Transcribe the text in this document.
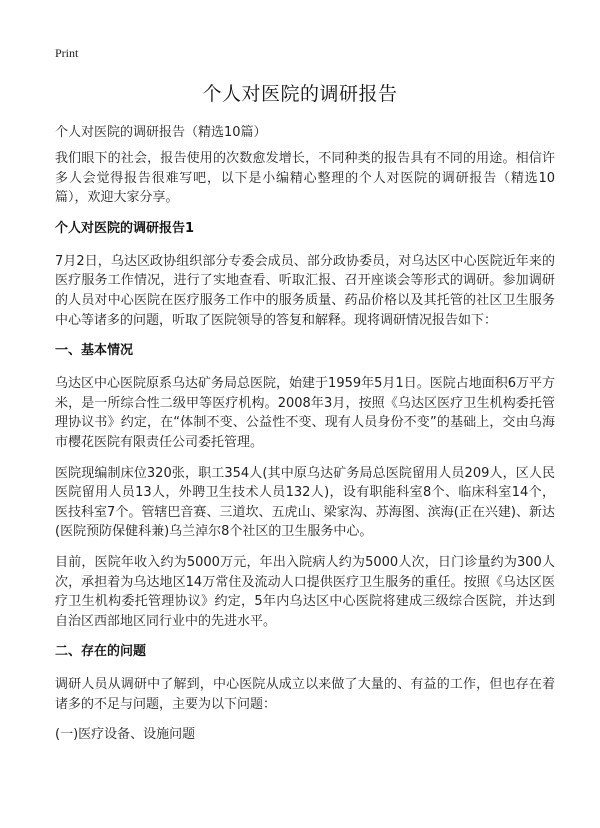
Print
个人对医院的调研报告
个人对医院的调研报告（精选10篇）

我们眼下的社会，报告使用的次数愈发增长，不同种类的报告具有不同的用途。相信许多人会觉得报告很难写吧，以下是小编精心整理的个人对医院的调研报告（精选10篇），欢迎大家分享。

个人对医院的调研报告1

7月2日，乌达区政协组织部分专委会成员、部分政协委员，对乌达区中心医院近年来的医疗服务工作情况，进行了实地查看、听取汇报、召开座谈会等形式的调研。参加调研的人员对中心医院在医疗服务工作中的服务质量、药品价格以及其托管的社区卫生服务中心等诸多的问题，听取了医院领导的答复和解释。现将调研情况报告如下：

一、基本情况

乌达区中心医院原系乌达矿务局总医院，始建于1959年5月1日。医院占地面积6万平方米，是一所综合性二级甲等医疗机构。2008年3月，按照《乌达区医疗卫生机构委托管理协议书》约定，在“体制不变、公益性不变、现有人员身份不变”的基础上，交由乌海市樱花医院有限责任公司委托管理。

医院现编制床位320张，职工354人(其中原乌达矿务局总医院留用人员209人，区人民医院留用人员13人，外聘卫生技术人员132人)，设有职能科室8个、临床科室14个，医技科室7个。管辖巴音赛、三道坎、五虎山、梁家沟、苏海图、滨海(正在兴建)、新达(医院预防保健科兼)乌兰淖尔8个社区的卫生服务中心。

目前，医院年收入约为5000万元，年出入院病人约为5000人次，日门诊量约为300人次，承担着为乌达地区14万常住及流动人口提供医疗卫生服务的重任。按照《乌达区医疗卫生机构委托管理协议》约定，5年内乌达区中心医院将建成三级综合医院，并达到自治区西部地区同行业中的先进水平。

二、存在的问题

调研人员从调研中了解到，中心医院从成立以来做了大量的、有益的工作，但也存在着诸多的不足与问题，主要为以下问题：

(一)医疗设备、设施问题
